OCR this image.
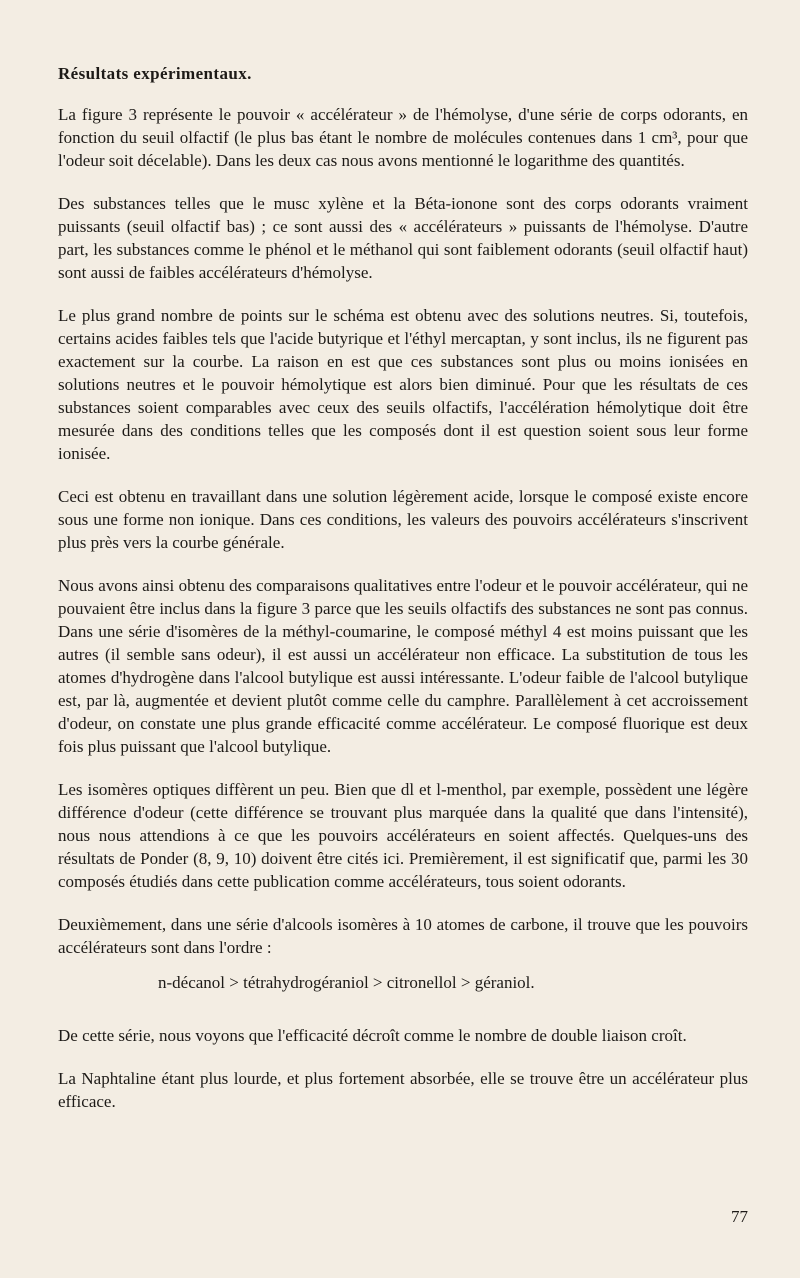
Résultats expérimentaux.

La figure 3 représente le pouvoir « accélérateur » de l'hémolyse, d'une série de corps odorants, en fonction du seuil olfactif (le plus bas étant le nombre de molécules contenues dans 1 cm³, pour que l'odeur soit décelable). Dans les deux cas nous avons mentionné le logarithme des quantités.

Des substances telles que le musc xylène et la Béta-ionone sont des corps odorants vraiment puissants (seuil olfactif bas) ; ce sont aussi des « accélérateurs » puissants de l'hémolyse. D'autre part, les substances comme le phénol et le méthanol qui sont faiblement odorants (seuil olfactif haut) sont aussi de faibles accélérateurs d'hémolyse.

Le plus grand nombre de points sur le schéma est obtenu avec des solutions neutres. Si, toutefois, certains acides faibles tels que l'acide butyrique et l'éthyl mercaptan, y sont inclus, ils ne figurent pas exactement sur la courbe. La raison en est que ces substances sont plus ou moins ionisées en solutions neutres et le pouvoir hémolytique est alors bien diminué. Pour que les résultats de ces substances soient comparables avec ceux des seuils olfactifs, l'accélération hémolytique doit être mesurée dans des conditions telles que les composés dont il est question soient sous leur forme ionisée.

Ceci est obtenu en travaillant dans une solution légèrement acide, lorsque le composé existe encore sous une forme non ionique. Dans ces conditions, les valeurs des pouvoirs accélérateurs s'inscrivent plus près vers la courbe générale.

Nous avons ainsi obtenu des comparaisons qualitatives entre l'odeur et le pouvoir accélérateur, qui ne pouvaient être inclus dans la figure 3 parce que les seuils olfactifs des substances ne sont pas connus. Dans une série d'isomères de la méthyl-coumarine, le composé méthyl 4 est moins puissant que les autres (il semble sans odeur), il est aussi un accélérateur non efficace. La substitution de tous les atomes d'hydrogène dans l'alcool butylique est aussi intéressante. L'odeur faible de l'alcool butylique est, par là, augmentée et devient plutôt comme celle du camphre. Parallèlement à cet accroissement d'odeur, on constate une plus grande efficacité comme accélérateur. Le composé fluorique est deux fois plus puissant que l'alcool butylique.

Les isomères optiques diffèrent un peu. Bien que dl et l-menthol, par exemple, possèdent une légère différence d'odeur (cette différence se trouvant plus marquée dans la qualité que dans l'intensité), nous nous attendions à ce que les pouvoirs accélérateurs en soient affectés. Quelques-uns des résultats de Ponder (8, 9, 10) doivent être cités ici. Premièrement, il est significatif que, parmi les 30 composés étudiés dans cette publication comme accélérateurs, tous soient odorants.

Deuxièmement, dans une série d'alcools isomères à 10 atomes de carbone, il trouve que les pouvoirs accélérateurs sont dans l'ordre :

n-décanol > tétrahydrogéraniol > citronellol > géraniol.

De cette série, nous voyons que l'efficacité décroît comme le nombre de double liaison croît.

La Naphtaline étant plus lourde, et plus fortement absorbée, elle se trouve être un accélérateur plus efficace.

77
